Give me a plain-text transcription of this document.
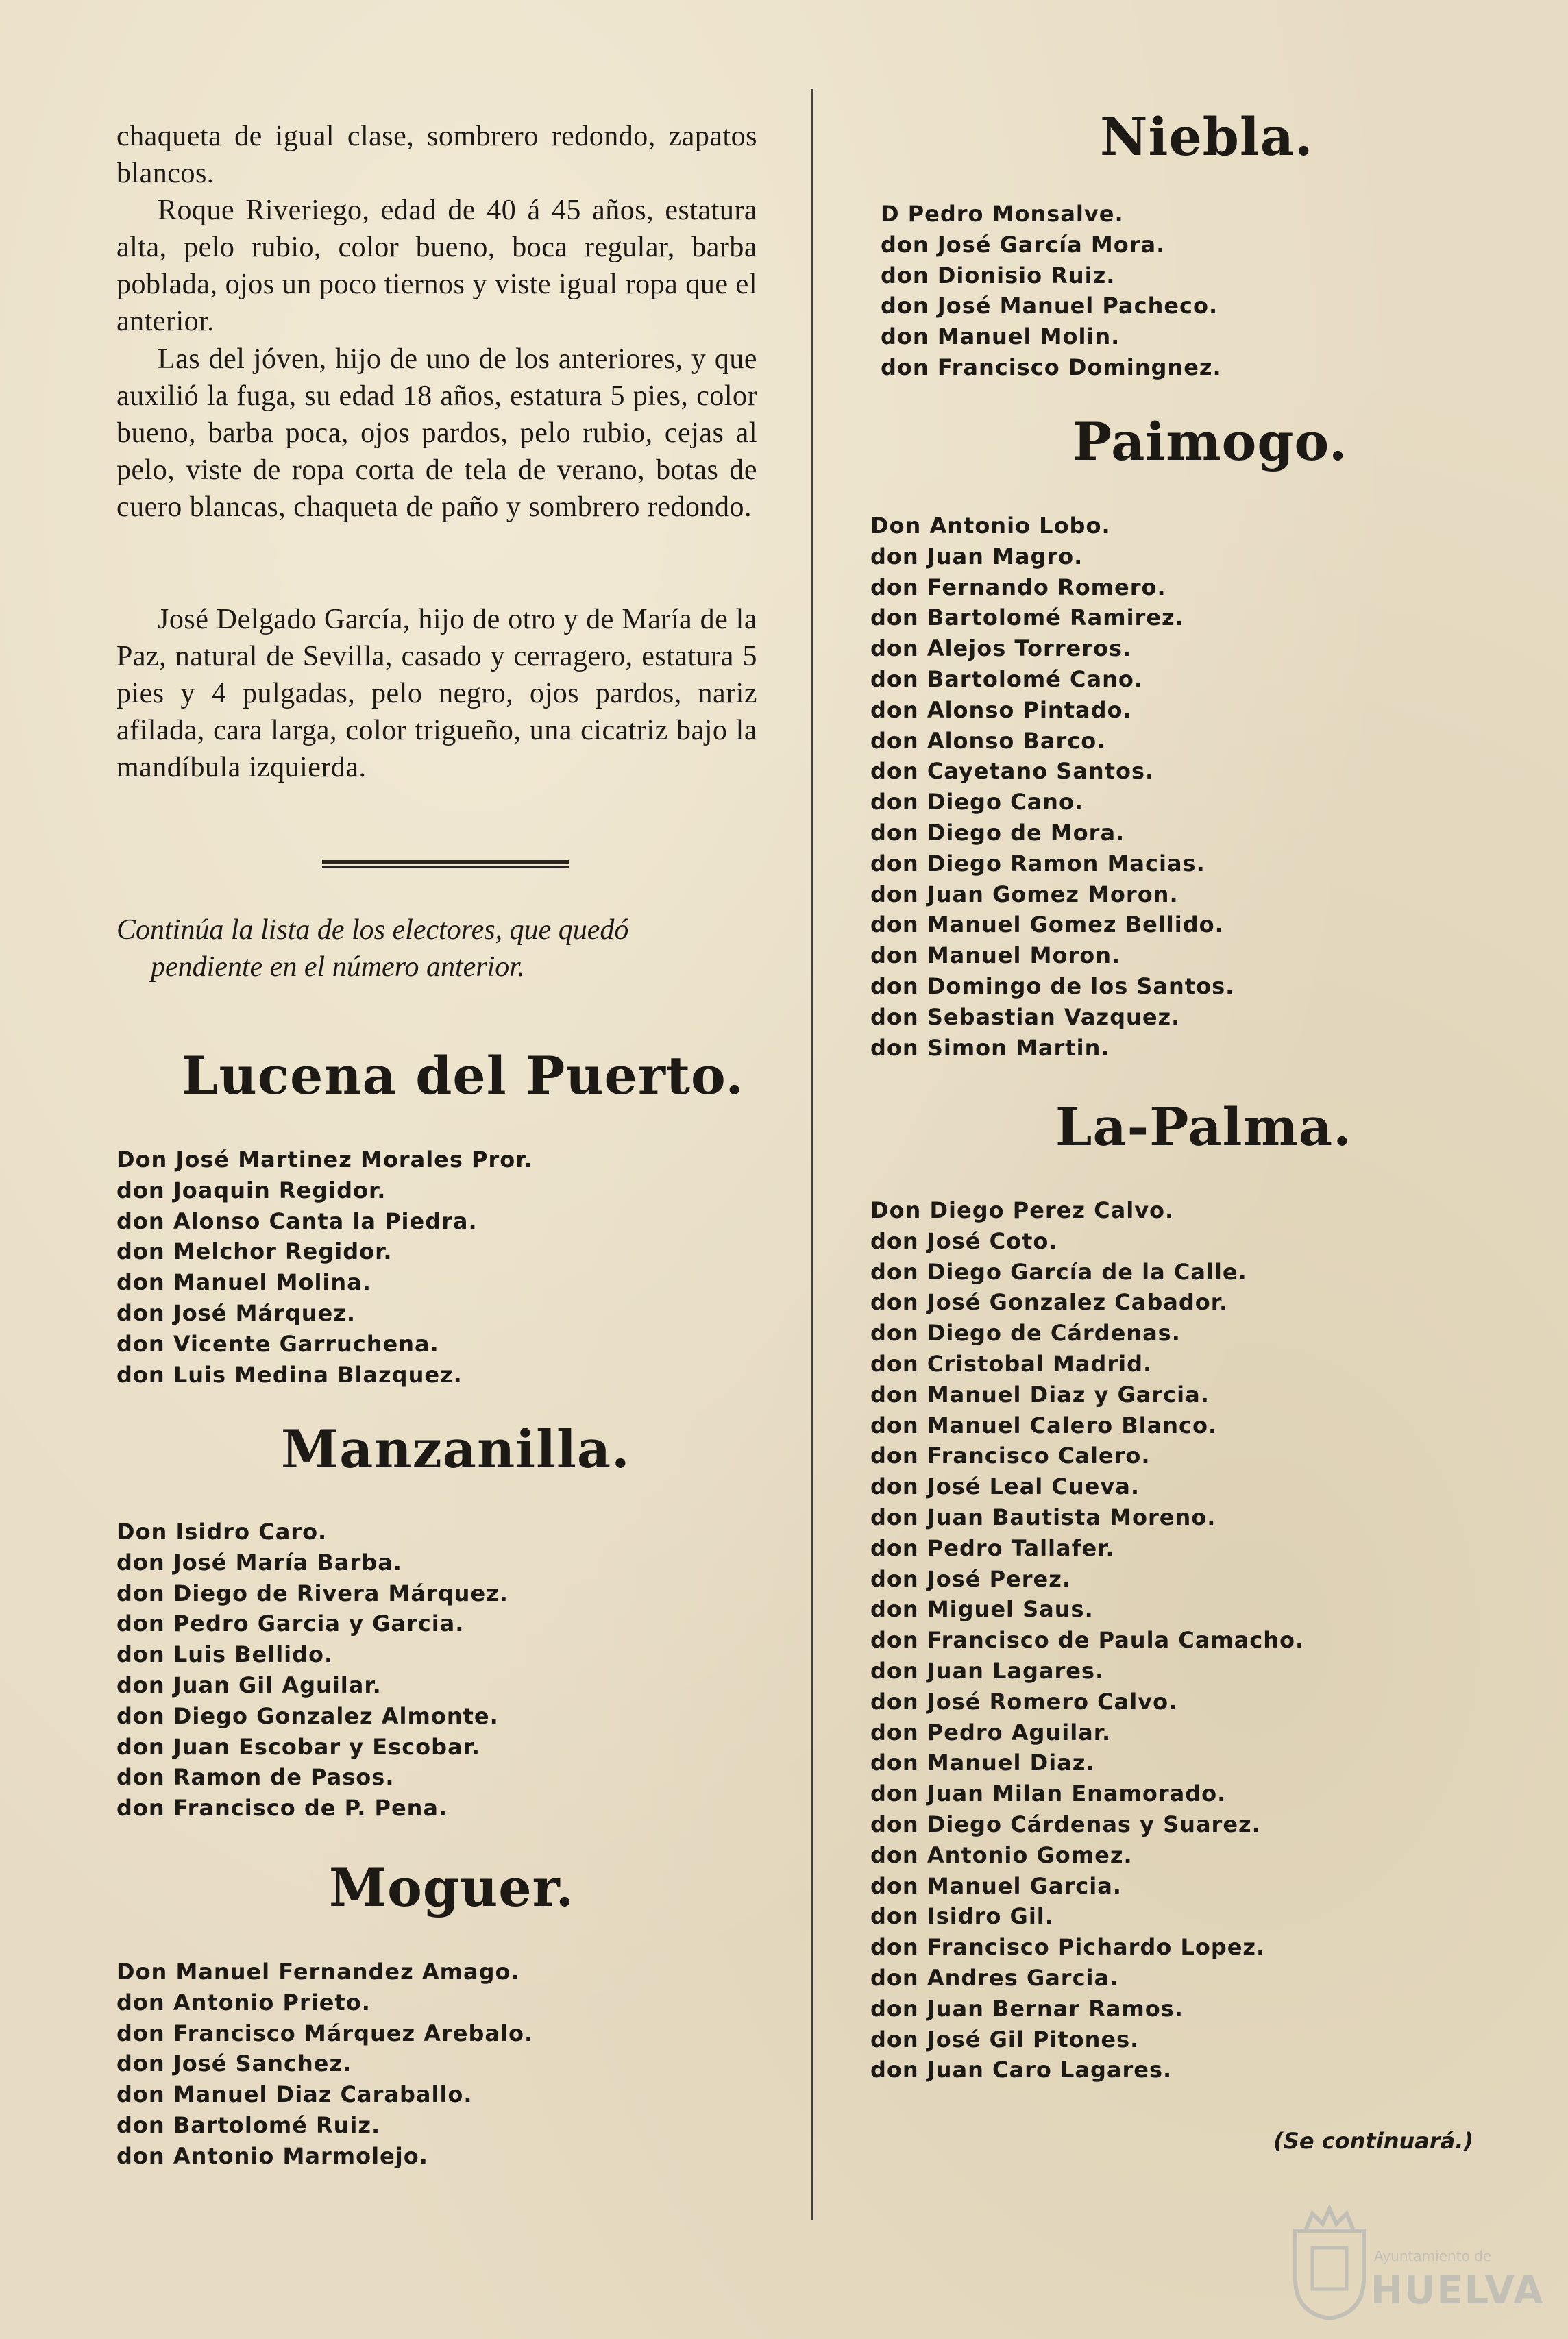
chaqueta de igual clase, sombrero redondo, zapatos blancos.

Roque Riveriego, edad de 40 á 45 años, estatura alta, pelo rubio, color bueno, boca regular, barba poblada, ojos un poco tiernos y viste igual ropa que el anterior.

Las del jóven, hijo de uno de los anteriores, y que auxilió la fuga, su edad 18 años, estatura 5 pies, color bueno, barba poca, ojos pardos, pelo rubio, cejas al pelo, viste de ropa corta de tela de verano, botas de cuero blancas, chaqueta de paño y sombrero redondo.

José Delgado García, hijo de otro y de María de la Paz, natural de Sevilla, casado y cerragero, estatura 5 pies y 4 pulgadas, pelo negro, ojos pardos, nariz afilada, cara larga, color trigueño, una cicatriz bajo la mandíbula izquierda.

Continúa la lista de los electores, que quedó
pendiente en el número anterior.
Lucena del Puerto.
Don José Martinez Morales Pror.
don Joaquin Regidor.
don Alonso Canta la Piedra.
don Melchor Regidor.
don Manuel Molina.
don José Márquez.
don Vicente Garruchena.
don Luis Medina Blazquez.
Manzanilla.
Don Isidro Caro.
don José María Barba.
don Diego de Rivera Márquez.
don Pedro Garcia y Garcia.
don Luis Bellido.
don Juan Gil Aguilar.
don Diego Gonzalez Almonte.
don Juan Escobar y Escobar.
don Ramon de Pasos.
don Francisco de P. Pena.
Moguer.
Don Manuel Fernandez Amago.
don Antonio Prieto.
don Francisco Márquez Arebalo.
don José Sanchez.
don Manuel Diaz Caraballo.
don Bartolomé Ruiz.
don Antonio Marmolejo.
Niebla.
D Pedro Monsalve.
don José García Mora.
don Dionisio Ruiz.
don José Manuel Pacheco.
don Manuel Molin.
don Francisco Domingnez.
Paimogo.
Don Antonio Lobo.
don Juan Magro.
don Fernando Romero.
don Bartolomé Ramirez.
don Alejos Torreros.
don Bartolomé Cano.
don Alonso Pintado.
don Alonso Barco.
don Cayetano Santos.
don Diego Cano.
don Diego de Mora.
don Diego Ramon Macias.
don Juan Gomez Moron.
don Manuel Gomez Bellido.
don Manuel Moron.
don Domingo de los Santos.
don Sebastian Vazquez.
don Simon Martin.
La-Palma.
Don Diego Perez Calvo.
don José Coto.
don Diego García de la Calle.
don José Gonzalez Cabador.
don Diego de Cárdenas.
don Cristobal Madrid.
don Manuel Diaz y Garcia.
don Manuel Calero Blanco.
don Francisco Calero.
don José Leal Cueva.
don Juan Bautista Moreno.
don Pedro Tallafer.
don José Perez.
don Miguel Saus.
don Francisco de Paula Camacho.
don Juan Lagares.
don José Romero Calvo.
don Pedro Aguilar.
don Manuel Diaz.
don Juan Milan Enamorado.
don Diego Cárdenas y Suarez.
don Antonio Gomez.
don Manuel Garcia.
don Isidro Gil.
don Francisco Pichardo Lopez.
don Andres Garcia.
don Juan Bernar Ramos.
don José Gil Pitones.
don Juan Caro Lagares.
(Se continuará.)
Ayuntamiento de
HUELVA
